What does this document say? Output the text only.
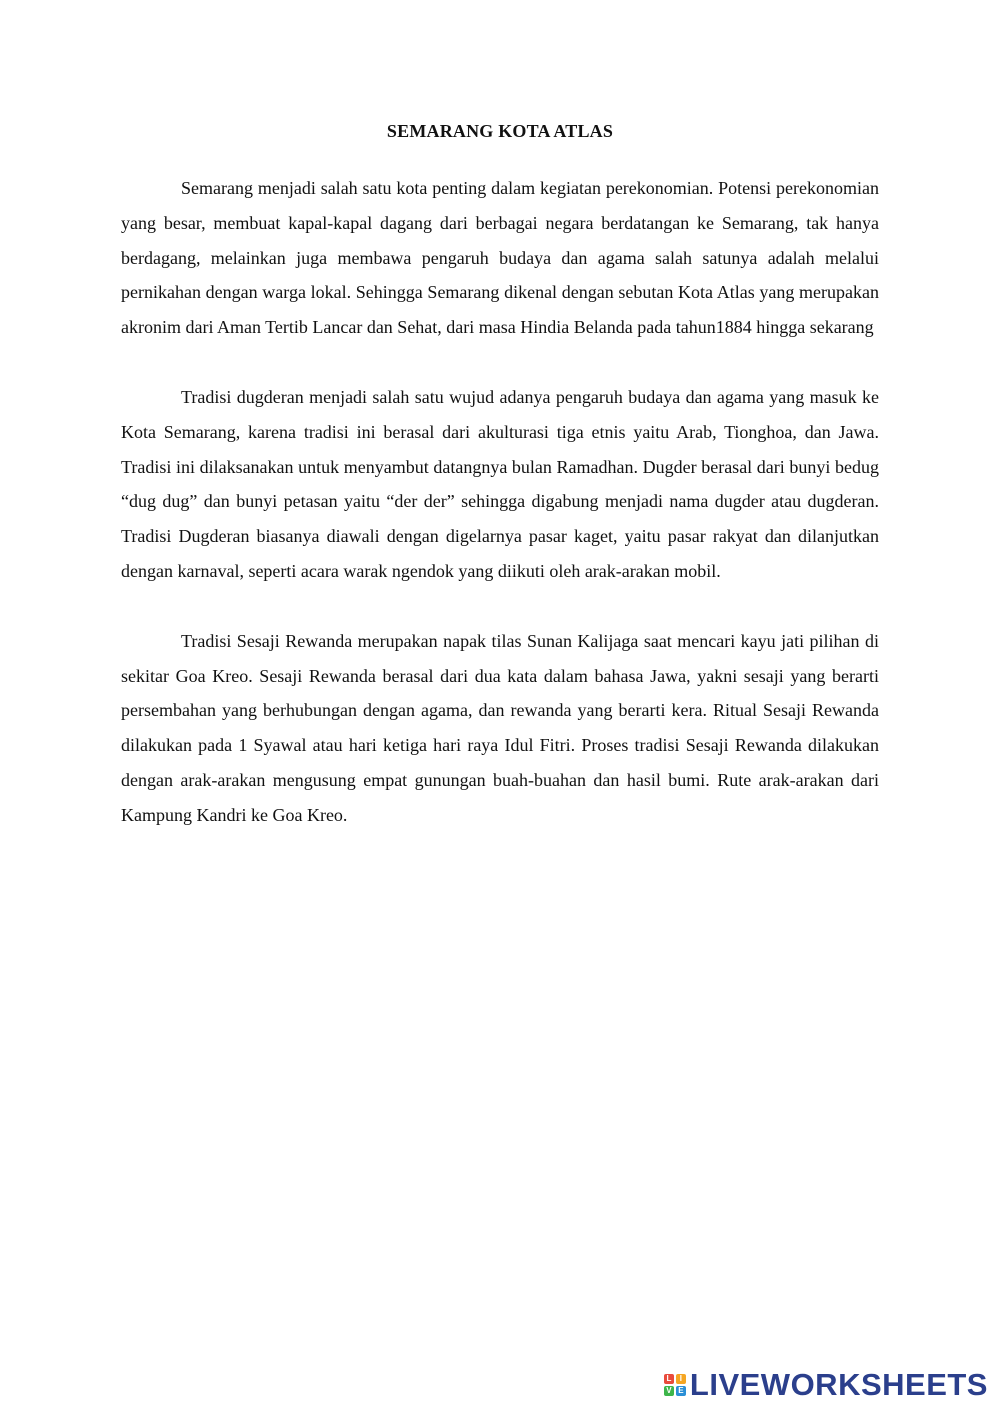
SEMARANG KOTA ATLAS

Semarang menjadi salah satu kota penting dalam kegiatan perekonomian. Potensi perekonomian yang besar, membuat kapal-kapal dagang dari berbagai negara berdatangan ke Semarang, tak hanya berdagang, melainkan juga membawa pengaruh budaya dan agama salah satunya adalah melalui pernikahan dengan warga lokal. Sehingga Semarang dikenal dengan sebutan Kota Atlas yang merupakan akronim dari Aman Tertib Lancar dan Sehat, dari masa Hindia Belanda pada tahun1884 hingga sekarang

Tradisi dugderan menjadi salah satu wujud adanya pengaruh budaya dan agama yang masuk ke Kota Semarang, karena tradisi ini berasal dari akulturasi tiga etnis yaitu Arab, Tionghoa, dan Jawa. Tradisi ini dilaksanakan untuk menyambut datangnya bulan Ramadhan. Dugder berasal dari bunyi bedug “dug dug” dan bunyi petasan yaitu “der der” sehingga digabung menjadi nama dugder atau dugderan. Tradisi Dugderan biasanya diawali dengan digelarnya pasar kaget, yaitu pasar rakyat dan dilanjutkan dengan karnaval, seperti acara warak ngendok yang diikuti oleh arak-arakan mobil.

Tradisi Sesaji Rewanda merupakan napak tilas Sunan Kalijaga saat mencari kayu jati pilihan di sekitar Goa Kreo. Sesaji Rewanda berasal dari dua kata dalam bahasa Jawa, yakni sesaji yang berarti persembahan yang berhubungan dengan agama, dan rewanda yang berarti kera. Ritual Sesaji Rewanda dilakukan pada 1 Syawal atau hari ketiga hari raya Idul Fitri. Proses tradisi Sesaji Rewanda dilakukan dengan arak-arakan mengusung empat gunungan buah-buahan dan hasil bumi. Rute arak-arakan dari Kampung Kandri ke Goa Kreo.

L	I
V E LIVEWORKSHEETS
